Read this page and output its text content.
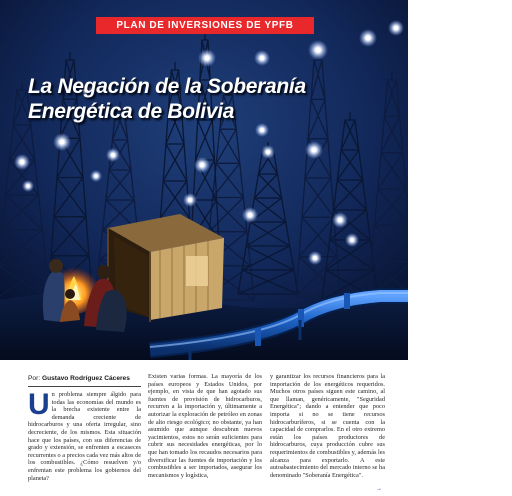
PLAN DE INVERSIONES DE YPFB
La Negación de la Soberanía
Energética de Bolivia
Por: Gustavo Rodríguez Cáceres
U n problema siempre álgido para todas las economías del mundo es la brecha existente entre la demanda creciente de hidrocarburos y una oferta irregular, sino decreciente, de los mismos. Esta situación hace que los países, con sus diferencias de grado y extensión, se enfrenten a escaseces recurrentes o a precios cada vez más altos de los combustibles. ¿Cómo resuelven y/o enfrentan este problema los gobiernos del planeta?
Existen varias formas. La mayoría de los países europeos y Estados Unidos, por ejemplo, en vista de que han agotado sus fuentes de provisión de hidrocarburos, recurren a la importación y, últimamente a autorizar la exploración de petróleo en zonas de alto riesgo ecológico; no obstante, ya han asumido que aunque descubran nuevos yacimientos, estos no serán suficientes para cubrir sus necesidades energéticas, por lo que han tomado los recaudos necesarios para diversificar las fuentes de importación y los combustibles a ser importados, asegurar los mecanismos y logística,
y garantizar los recursos financieros para la importación de los energéticos requeridos. Muchos otros países siguen este camino, al que llaman, genéricamente, "Seguridad Energética"; dando a entender que poco importa si no se tiene recursos hidrocarburíferos, si se cuenta con la capacidad de comprarlos. En el otro extremo están los países productores de hidrocarburos, cuya producción cubre sus requerimientos de combustibles y, además les alcanza para exportarlo. A este autoabastecimiento del mercado interno se ha denominado "Soberanía Energética".
→
